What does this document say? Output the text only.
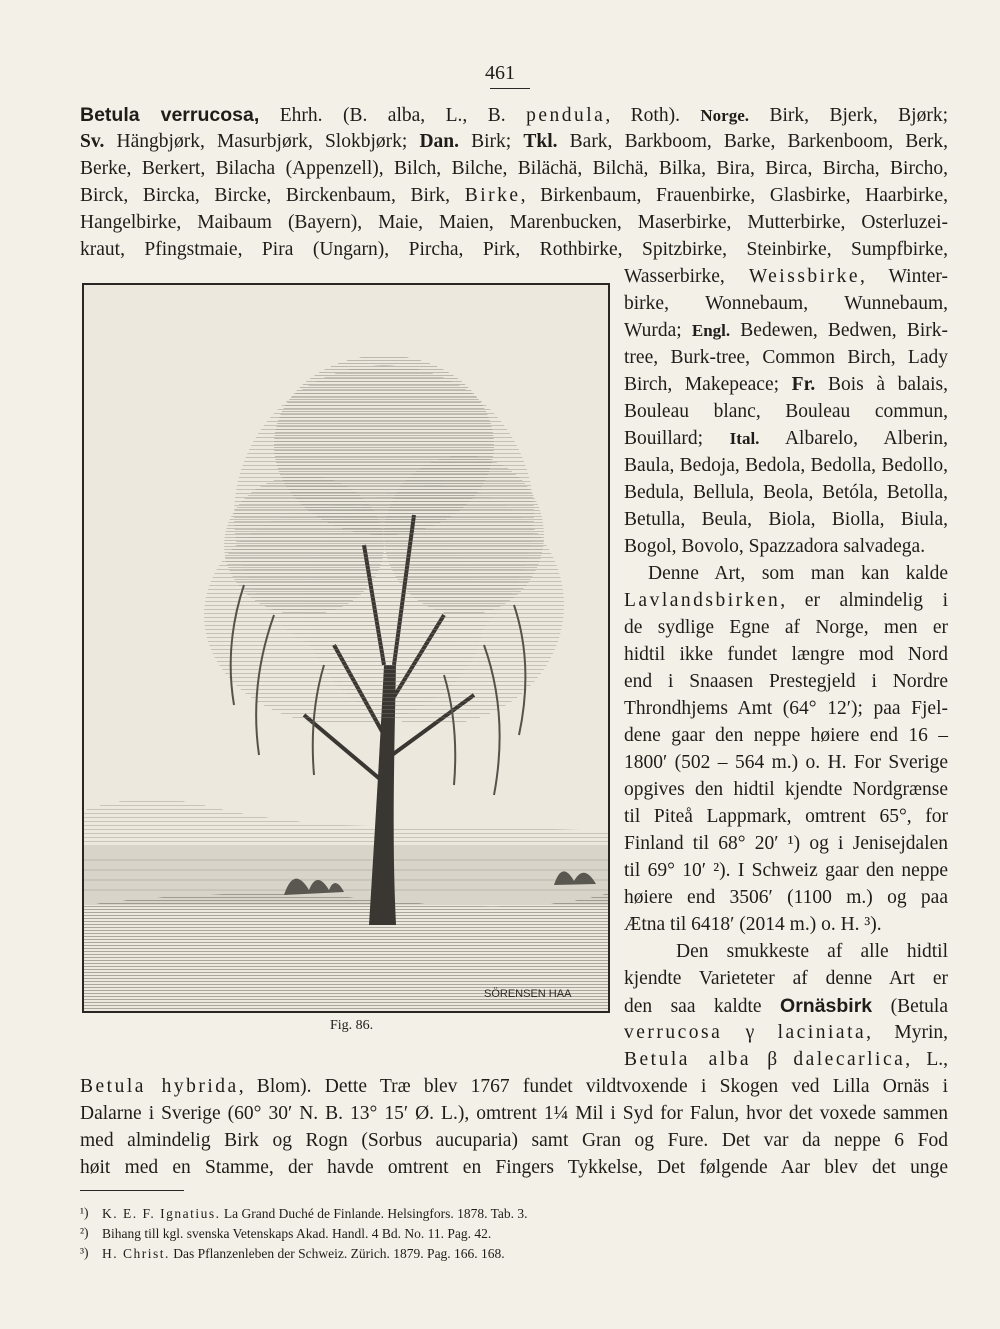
461
Betula verrucosa, Ehrh. (B. alba, L., B. pendula, Roth). Norge. Birk, Bjerk, Bjørk;
Sv. Hängbjørk, Masurbjørk, Slokbjørk; Dan. Birk; Tkl. Bark, Barkboom, Barke, Barkenboom, Berk,
Berke, Berkert, Bilacha (Appenzell), Bilch, Bilche, Bilächä, Bilchä, Bilka, Bira, Birca, Bircha, Bircho,
Birck, Bircka, Bircke, Birckenbaum, Birk, Birke, Birkenbaum, Frauenbirke, Glasbirke, Haarbirke,
Hangelbirke, Maibaum (Bayern), Maie, Maien, Marenbucken, Maserbirke, Mutterbirke, Osterluzei-
kraut, Pfingstmaie, Pira (Ungarn), Pircha, Pirk, Rothbirke, Spitzbirke, Steinbirke, Sumpfbirke,
SÖRENSEN HAA
Fig. 86.
Wasserbirke, Weissbirke, Winter-
birke, Wonnebaum, Wunnebaum,
Wurda; Engl. Bedewen, Bedwen, Birk-
tree, Burk-tree, Common Birch, Lady
Birch, Makepeace; Fr. Bois à balais,
Bouleau blanc, Bouleau commun,
Bouillard; Ital. Albarelo, Alberin,
Baula, Bedoja, Bedola, Bedolla, Bedollo,
Bedula, Bellula, Beola, Betóla, Betolla,
Betulla, Beula, Biola, Biolla, Biula,
Bogol, Bovolo, Spazzadora salvadega.
Denne Art, som man kan kalde
Lavlandsbirken, er almindelig i
de sydlige Egne af Norge, men er
hidtil ikke fundet længre mod Nord
end i Snaasen Prestegjeld i Nordre
Throndhjems Amt (64° 12′); paa Fjel-
dene gaar den neppe høiere end 16 –
1800′ (502 – 564 m.) o. H. For Sverige
opgives den hidtil kjendte Nordgrænse
til Piteå Lappmark, omtrent 65°, for
Finland til 68° 20′ ¹) og i Jenisejdalen
til 69° 10′ ²). I Schweiz gaar den neppe
høiere end 3506′ (1100 m.) og paa
Ætna til 6418′ (2014 m.) o. H. ³).
Den smukkeste af alle hidtil
kjendte Varieteter af denne Art er
den saa kaldte Ornäsbirk (Betula
verrucosa γ laciniata, Myrin,
Betula alba β dalecarlica, L.,
Betula hybrida, Blom). Dette Træ blev 1767 fundet vildtvoxende i Skogen ved Lilla Ornäs i
Dalarne i Sverige (60° 30′ N. B. 13° 15′ Ø. L.), omtrent 1¼ Mil i Syd for Falun, hvor det voxede sammen
med almindelig Birk og Rogn (Sorbus aucuparia) samt Gran og Fure. Det var da neppe 6 Fod
høit med en Stamme, der havde omtrent en Fingers Tykkelse, Det følgende Aar blev det unge
¹) K. E. F. Ignatius. La Grand Duché de Finlande. Helsingfors. 1878. Tab. 3.
²) Bihang till kgl. svenska Vetenskaps Akad. Handl. 4 Bd. No. 11. Pag. 42.
³) H. Christ. Das Pflanzenleben der Schweiz. Zürich. 1879. Pag. 166. 168.
